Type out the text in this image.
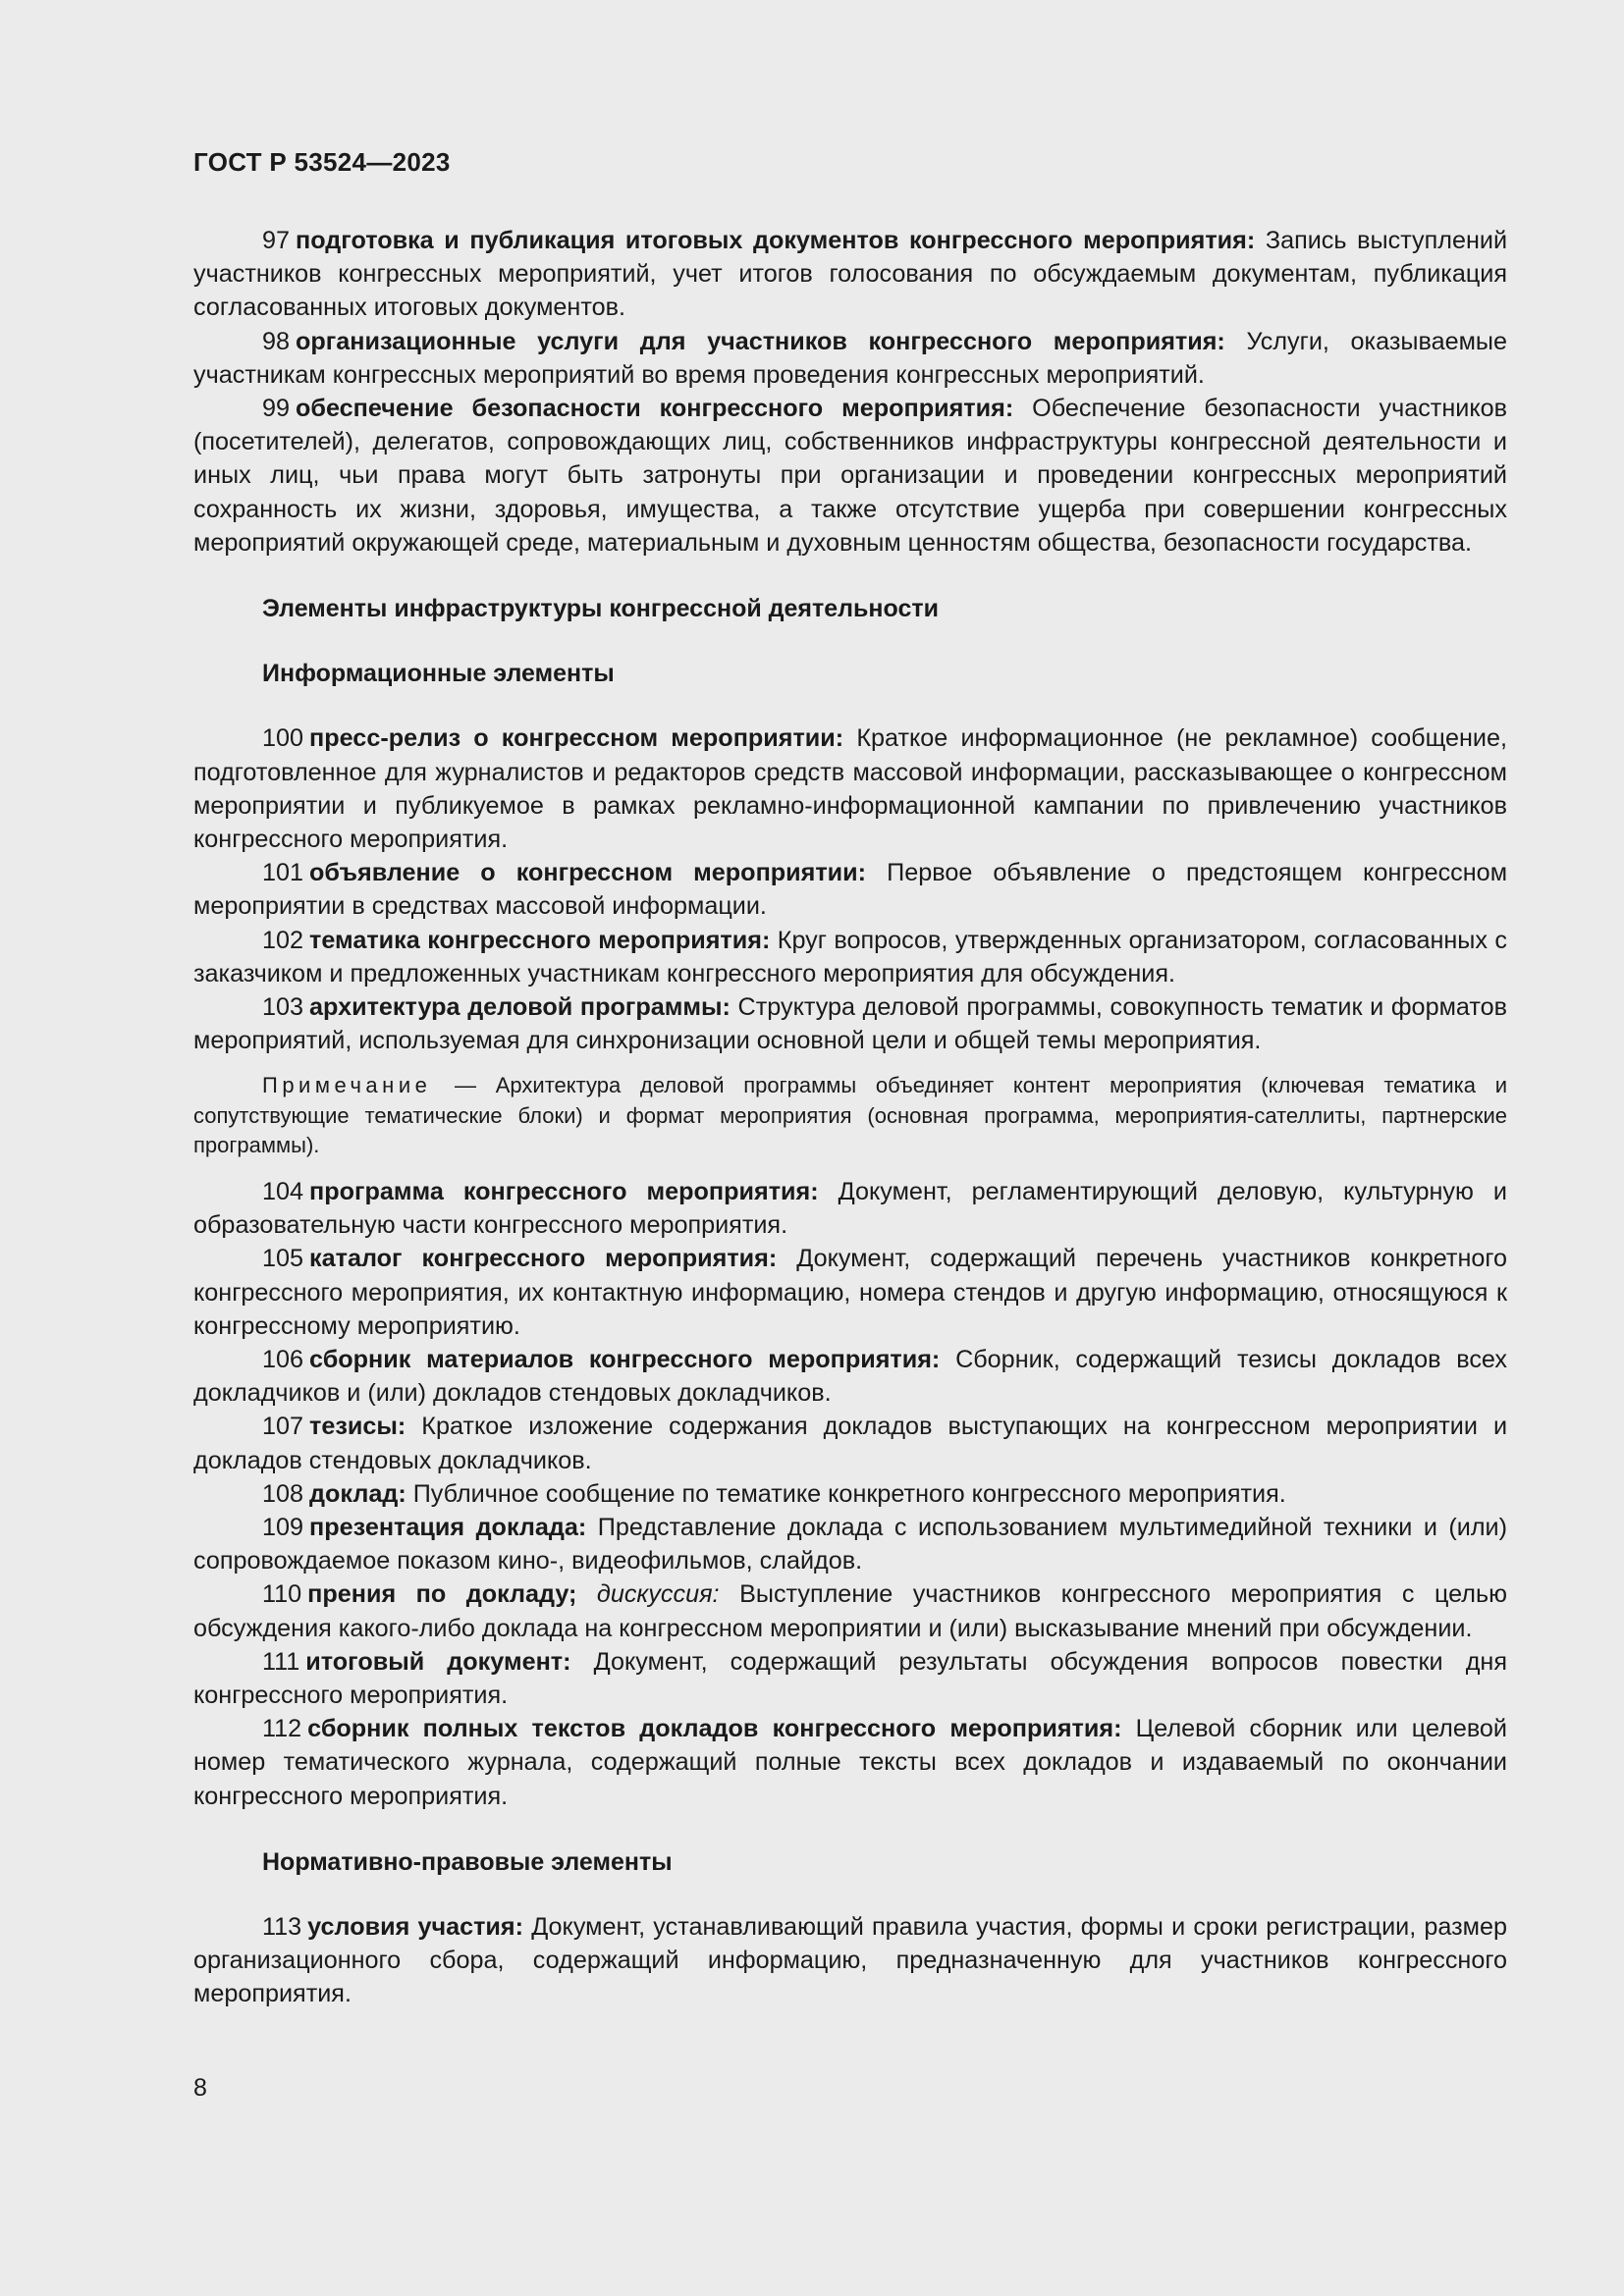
ГОСТ Р 53524—2023

97 подготовка и публикация итоговых документов конгрессного мероприятия: Запись выступлений участников конгрессных мероприятий, учет итогов голосования по обсуждаемым документам, публикация согласованных итоговых документов.

98 организационные услуги для участников конгрессного мероприятия: Услуги, оказываемые участникам конгрессных мероприятий во время проведения конгрессных мероприятий.

99 обеспечение безопасности конгрессного мероприятия: Обеспечение безопасности участников (посетителей), делегатов, сопровождающих лиц, собственников инфраструктуры конгрессной деятельности и иных лиц, чьи права могут быть затронуты при организации и проведении конгрессных мероприятий сохранность их жизни, здоровья, имущества, а также отсутствие ущерба при совершении конгрессных мероприятий окружающей среде, материальным и духовным ценностям общества, безопасности государства.

Элементы инфраструктуры конгрессной деятельности

Информационные элементы

100 пресс-релиз о конгрессном мероприятии: Краткое информационное (не рекламное) сообщение, подготовленное для журналистов и редакторов средств массовой информации, рассказывающее о конгрессном мероприятии и публикуемое в рамках рекламно-информационной кампании по привлечению участников конгрессного мероприятия.

101 объявление о конгрессном мероприятии: Первое объявление о предстоящем конгрессном мероприятии в средствах массовой информации.

102 тематика конгрессного мероприятия: Круг вопросов, утвержденных организатором, согласованных с заказчиком и предложенных участникам конгрессного мероприятия для обсуждения.

103 архитектура деловой программы: Структура деловой программы, совокупность тематик и форматов мероприятий, используемая для синхронизации основной цели и общей темы мероприятия.

Примечание — Архитектура деловой программы объединяет контент мероприятия (ключевая тематика и сопутствующие тематические блоки) и формат мероприятия (основная программа, мероприятия-сателлиты, партнерские программы).

104 программа конгрессного мероприятия: Документ, регламентирующий деловую, культурную и образовательную части конгрессного мероприятия.

105 каталог конгрессного мероприятия: Документ, содержащий перечень участников конкретного конгрессного мероприятия, их контактную информацию, номера стендов и другую информацию, относящуюся к конгрессному мероприятию.

106 сборник материалов конгрессного мероприятия: Сборник, содержащий тезисы докладов всех докладчиков и (или) докладов стендовых докладчиков.

107 тезисы: Краткое изложение содержания докладов выступающих на конгрессном мероприятии и докладов стендовых докладчиков.

108 доклад: Публичное сообщение по тематике конкретного конгрессного мероприятия.

109 презентация доклада: Представление доклада с использованием мультимедийной техники и (или) сопровождаемое показом кино-, видеофильмов, слайдов.

110 прения по докладу; дискуссия: Выступление участников конгрессного мероприятия с целью обсуждения какого-либо доклада на конгрессном мероприятии и (или) высказывание мнений при обсуждении.

111 итоговый документ: Документ, содержащий результаты обсуждения вопросов повестки дня конгрессного мероприятия.

112 сборник полных текстов докладов конгрессного мероприятия: Целевой сборник или целевой номер тематического журнала, содержащий полные тексты всех докладов и издаваемый по окончании конгрессного мероприятия.

Нормативно-правовые элементы

113 условия участия: Документ, устанавливающий правила участия, формы и сроки регистрации, размер организационного сбора, содержащий информацию, предназначенную для участников конгрессного мероприятия.

8
